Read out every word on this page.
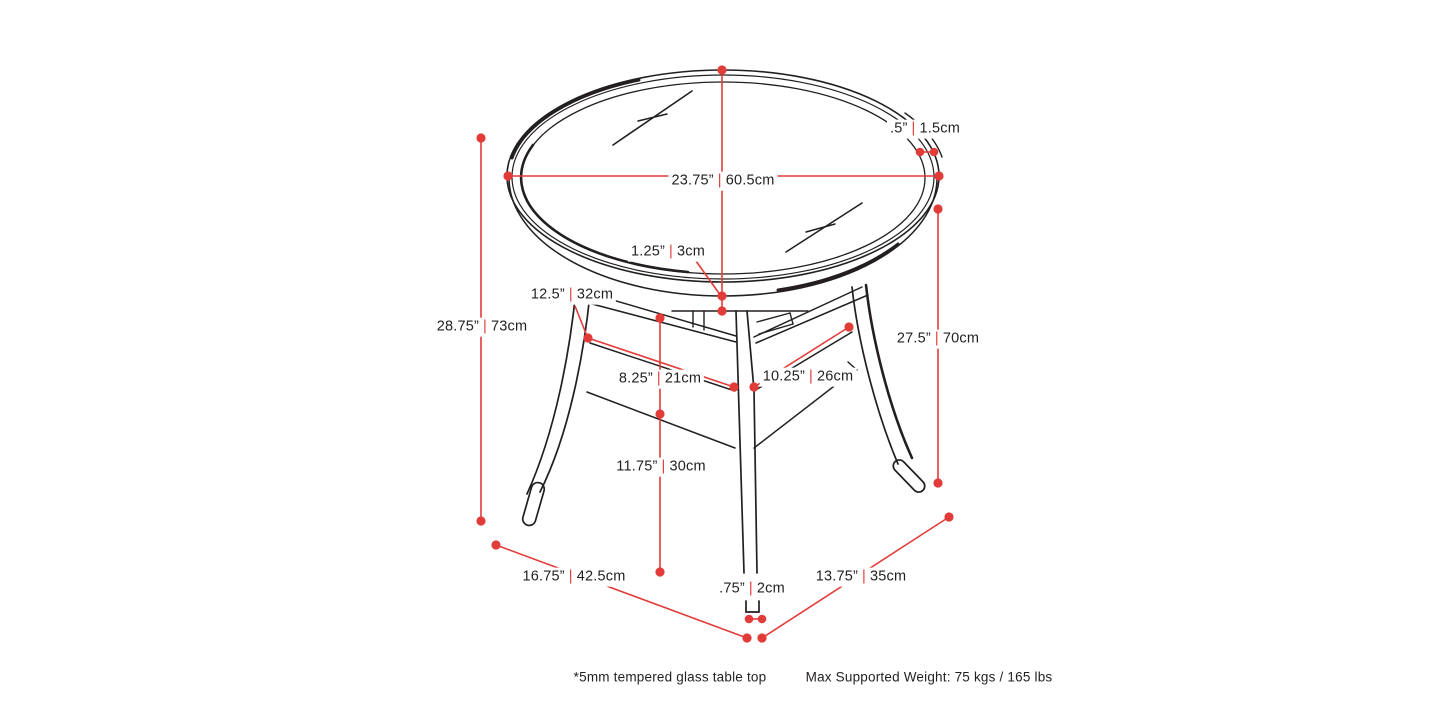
.5” | 1.5cm
23.75” | 60.5cm
1.25” | 3cm
12.5” | 32cm
28.75” | 73cm
27.5” | 70cm
8.25” | 21cm	10.25” | 26cm
11.75” | 30cm
16.75” | 42.5cm	13.75” | 35cm
.75” | 2cm
*5mm tempered glass table top	Max Supported Weight: 75 kgs / 165 lbs
